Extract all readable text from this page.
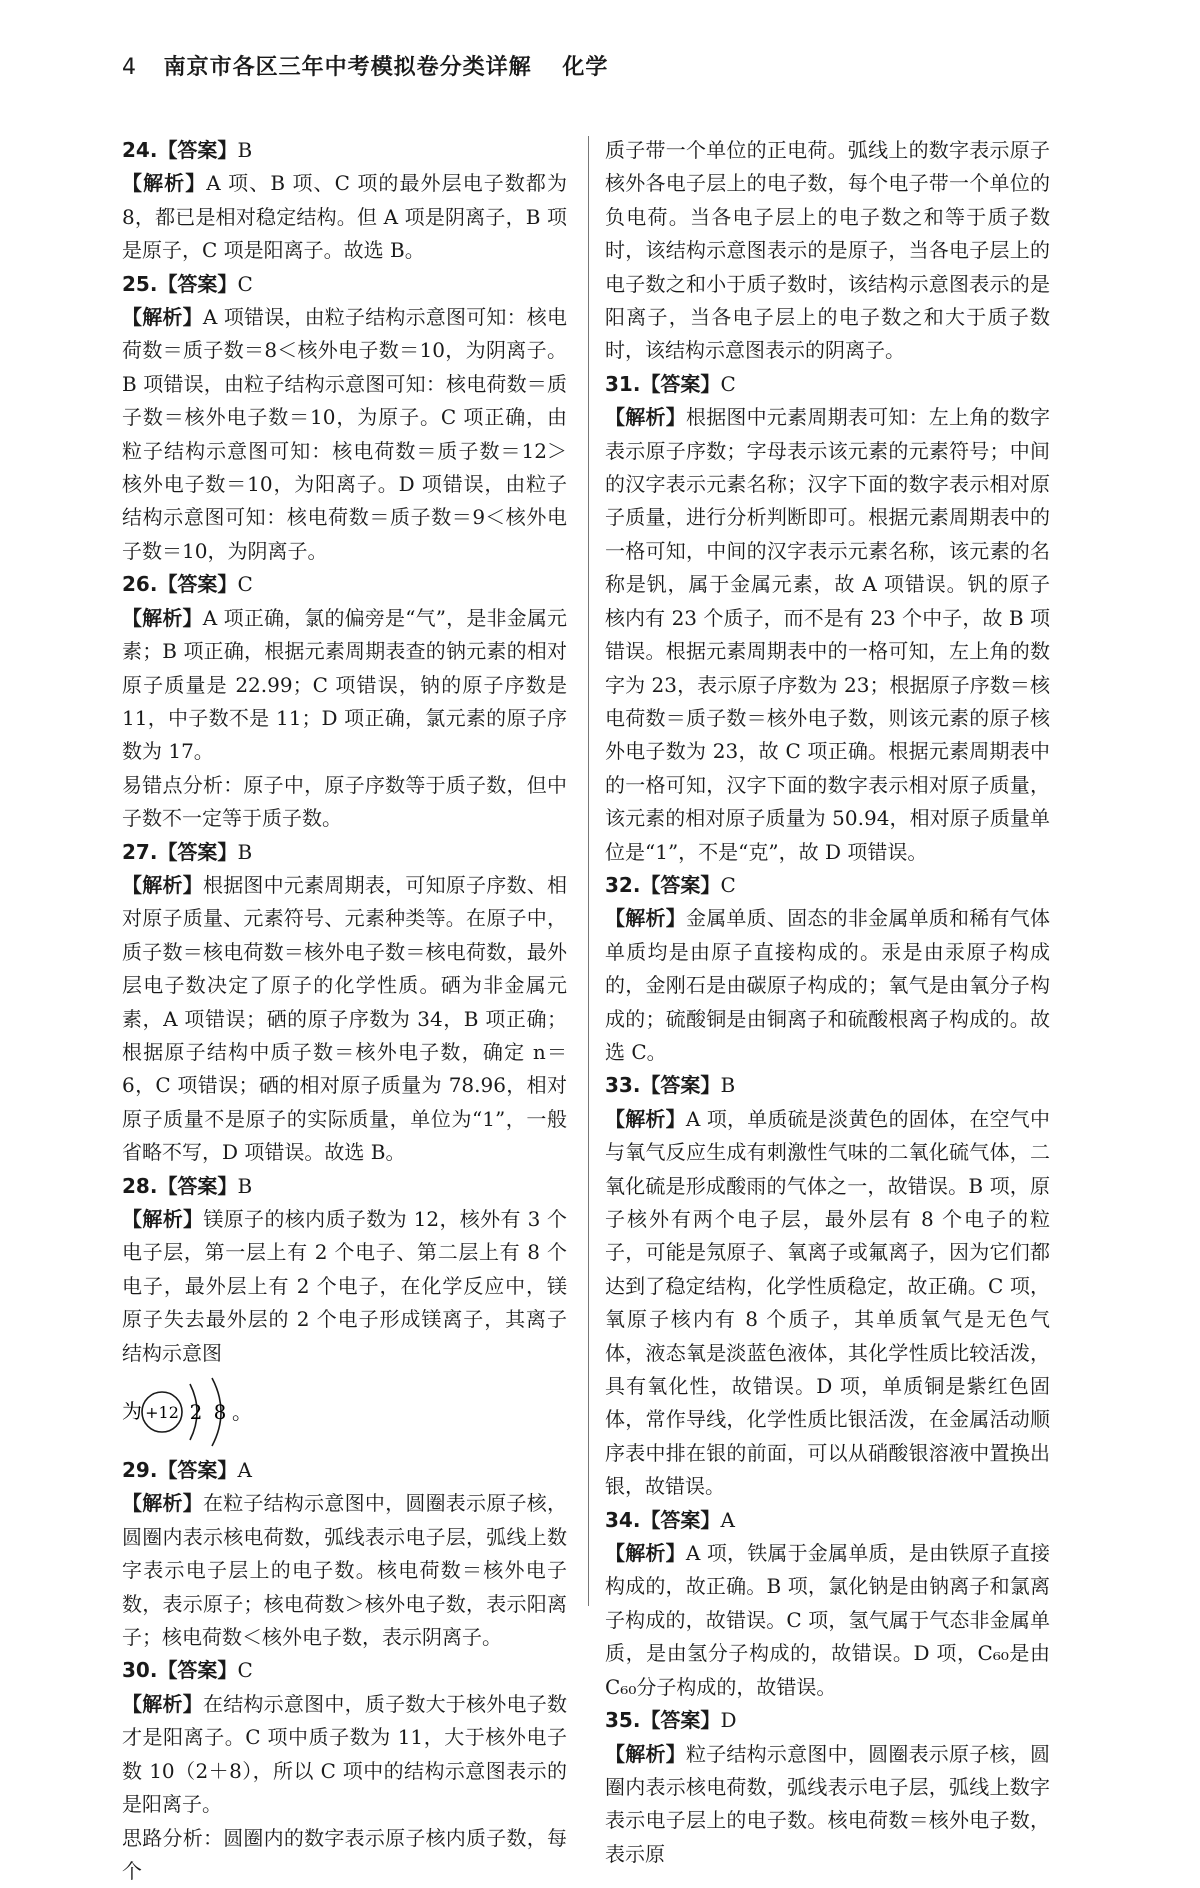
4 南京市各区三年中考模拟卷分类详解 化学

24.【答案】B

【解析】A 项、B 项、C 项的最外层电子数都为 8，都已是相对稳定结构。但 A 项是阴离子，B 项是原子，C 项是阳离子。故选 B。

25.【答案】C

【解析】A 项错误，由粒子结构示意图可知：核电荷数＝质子数＝8＜核外电子数＝10，为阴离子。B 项错误，由粒子结构示意图可知：核电荷数＝质子数＝核外电子数＝10，为原子。C 项正确，由粒子结构示意图可知：核电荷数＝质子数＝12＞核外电子数＝10，为阳离子。D 项错误，由粒子结构示意图可知：核电荷数＝质子数＝9＜核外电子数＝10，为阴离子。

26.【答案】C

【解析】A 项正确，氯的偏旁是“气”，是非金属元素；B 项正确，根据元素周期表查的钠元素的相对原子质量是 22.99；C 项错误，钠的原子序数是 11，中子数不是 11；D 项正确，氯元素的原子序数为 17。

易错点分析：原子中，原子序数等于质子数，但中子数不一定等于质子数。

27.【答案】B

【解析】根据图中元素周期表，可知原子序数、相对原子质量、元素符号、元素种类等。在原子中，质子数＝核电荷数＝核外电子数＝核电荷数，最外层电子数决定了原子的化学性质。硒为非金属元素，A 项错误；硒的原子序数为 34，B 项正确；根据原子结构中质子数＝核外电子数，确定 n＝6，C 项错误；硒的相对原子质量为 78.96，相对原子质量不是原子的实际质量，单位为“1”，一般省略不写，D 项错误。故选 B。

28.【答案】B

【解析】镁原子的核内质子数为 12，核外有 3 个电子层，第一层上有 2 个电子、第二层上有 8 个电子，最外层上有 2 个电子，在化学反应中，镁原子失去最外层的 2 个电子形成镁离子，其离子结构示意图

为 +12 2 8 。

29.【答案】A

【解析】在粒子结构示意图中，圆圈表示原子核，圆圈内表示核电荷数，弧线表示电子层，弧线上数字表示电子层上的电子数。核电荷数＝核外电子数，表示原子；核电荷数＞核外电子数，表示阳离子；核电荷数＜核外电子数，表示阴离子。

30.【答案】C

【解析】在结构示意图中，质子数大于核外电子数才是阳离子。C 项中质子数为 11，大于核外电子数 10（2＋8），所以 C 项中的结构示意图表示的是阳离子。

思路分析：圆圈内的数字表示原子核内质子数，每个

质子带一个单位的正电荷。弧线上的数字表示原子核外各电子层上的电子数，每个电子带一个单位的负电荷。当各电子层上的电子数之和等于质子数时，该结构示意图表示的是原子，当各电子层上的电子数之和小于质子数时，该结构示意图表示的是阳离子，当各电子层上的电子数之和大于质子数时，该结构示意图表示的阴离子。

31.【答案】C

【解析】根据图中元素周期表可知：左上角的数字表示原子序数；字母表示该元素的元素符号；中间的汉字表示元素名称；汉字下面的数字表示相对原子质量，进行分析判断即可。根据元素周期表中的一格可知，中间的汉字表示元素名称，该元素的名称是钒，属于金属元素，故 A 项错误。钒的原子核内有 23 个质子，而不是有 23 个中子，故 B 项错误。根据元素周期表中的一格可知，左上角的数字为 23，表示原子序数为 23；根据原子序数＝核电荷数＝质子数＝核外电子数，则该元素的原子核外电子数为 23，故 C 项正确。根据元素周期表中的一格可知，汉字下面的数字表示相对原子质量，该元素的相对原子质量为 50.94，相对原子质量单位是“1”，不是“克”，故 D 项错误。

32.【答案】C

【解析】金属单质、固态的非金属单质和稀有气体单质均是由原子直接构成的。汞是由汞原子构成的，金刚石是由碳原子构成的；氧气是由氧分子构成的；硫酸铜是由铜离子和硫酸根离子构成的。故选 C。

33.【答案】B

【解析】A 项，单质硫是淡黄色的固体，在空气中与氧气反应生成有刺激性气味的二氧化硫气体，二氧化硫是形成酸雨的气体之一，故错误。B 项，原子核外有两个电子层，最外层有 8 个电子的粒子，可能是氖原子、氧离子或氟离子，因为它们都达到了稳定结构，化学性质稳定，故正确。C 项，氧原子核内有 8 个质子，其单质氧气是无色气体，液态氧是淡蓝色液体，其化学性质比较活泼，具有氧化性，故错误。D 项，单质铜是紫红色固体，常作导线，化学性质比银活泼，在金属活动顺序表中排在银的前面，可以从硝酸银溶液中置换出银，故错误。

34.【答案】A

【解析】A 项，铁属于金属单质，是由铁原子直接构成的，故正确。B 项，氯化钠是由钠离子和氯离子构成的，故错误。C 项，氢气属于气态非金属单质，是由氢分子构成的，故错误。D 项，C₆₀是由 C₆₀分子构成的，故错误。

35.【答案】D

【解析】粒子结构示意图中，圆圈表示原子核，圆圈内表示核电荷数，弧线表示电子层，弧线上数字表示电子层上的电子数。核电荷数＝核外电子数，表示原
